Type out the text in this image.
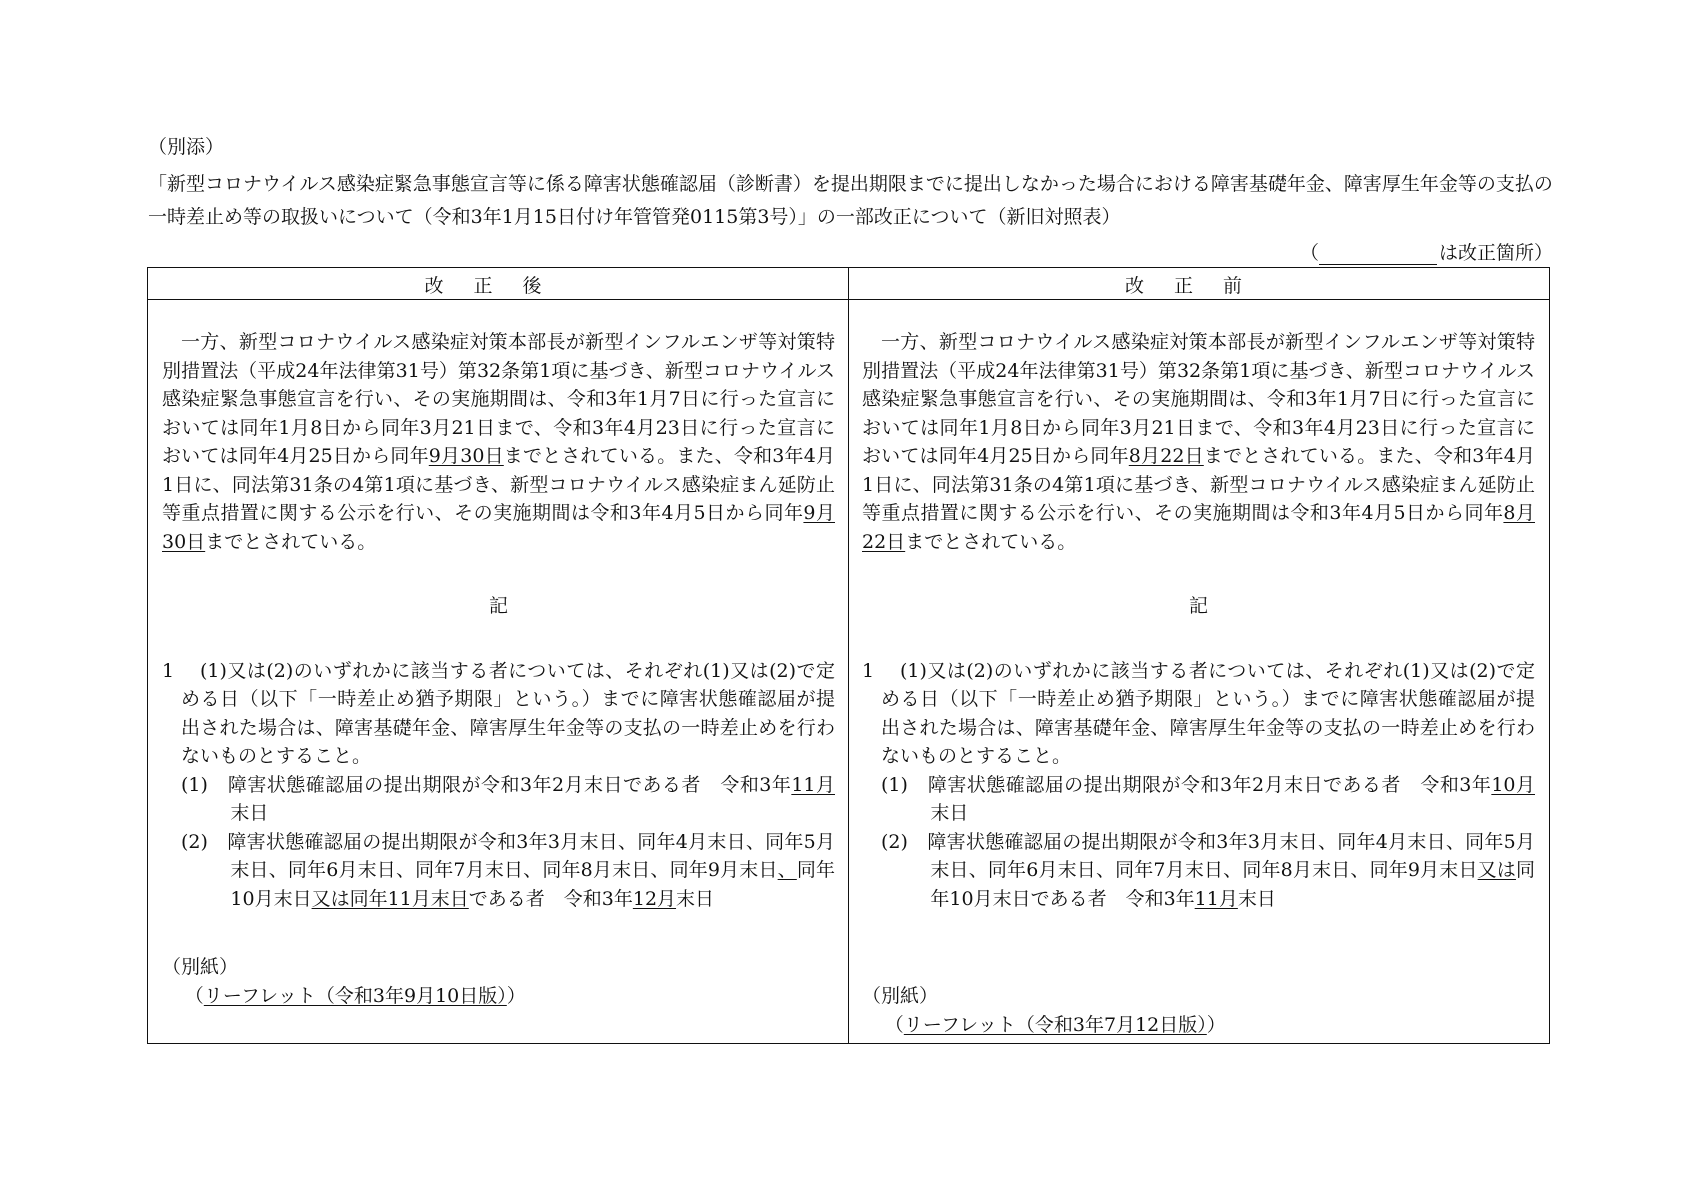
（別添）
「新型コロナウイルス感染症緊急事態宣言等に係る障害状態確認届（診断書）を提出期限までに提出しなかった場合における障害基礎年金、障害厚生年金等の支払の一時差止め等の取扱いについて（令和3年1月15日付け年管管発0115第3号）」の一部改正について（新旧対照表）
（	は改正箇所）
改正後	改正前

一方、新型コロナウイルス感染症対策本部長が新型インフルエンザ等対策特別措置法（平成24年法律第31号）第32条第1項に基づき、新型コロナウイルス感染症緊急事態宣言を行い、その実施期間は、令和3年1月7日に行った宣言においては同年1月8日から同年3月21日まで、令和3年4月23日に行った宣言においては同年4月25日から同年9月30日までとされている。また、令和3年4月1日に、同法第31条の4第1項に基づき、新型コロナウイルス感染症まん延防止等重点措置に関する公示を行い、その実施期間は令和3年4月5日から同年9月30日までとされている。

記

1 (1)又は(2)のいずれかに該当する者については、それぞれ(1)又は(2)で定める日（以下「一時差止め猶予期限」という。）までに障害状態確認届が提出された場合は、障害基礎年金、障害厚生年金等の支払の一時差止めを行わないものとすること。

(1)　障害状態確認届の提出期限が令和3年2月末日である者　令和3年11月末日

(2)　障害状態確認届の提出期限が令和3年3月末日、同年4月末日、同年5月末日、同年6月末日、同年7月末日、同年8月末日、同年9月末日、同年10月末日又は同年11月末日である者　令和3年12月末日

（別紙）

（リーフレット（令和3年9月10日版））

一方、新型コロナウイルス感染症対策本部長が新型インフルエンザ等対策特別措置法（平成24年法律第31号）第32条第1項に基づき、新型コロナウイルス感染症緊急事態宣言を行い、その実施期間は、令和3年1月7日に行った宣言においては同年1月8日から同年3月21日まで、令和3年4月23日に行った宣言においては同年4月25日から同年8月22日までとされている。また、令和3年4月1日に、同法第31条の4第1項に基づき、新型コロナウイルス感染症まん延防止等重点措置に関する公示を行い、その実施期間は令和3年4月5日から同年8月22日までとされている。

記

1 (1)又は(2)のいずれかに該当する者については、それぞれ(1)又は(2)で定める日（以下「一時差止め猶予期限」という。）までに障害状態確認届が提出された場合は、障害基礎年金、障害厚生年金等の支払の一時差止めを行わないものとすること。

(1)　障害状態確認届の提出期限が令和3年2月末日である者　令和3年10月末日

(2)　障害状態確認届の提出期限が令和3年3月末日、同年4月末日、同年5月末日、同年6月末日、同年7月末日、同年8月末日、同年9月末日又は同年10月末日である者　令和3年11月末日

（別紙）

（リーフレット（令和3年7月12日版））
